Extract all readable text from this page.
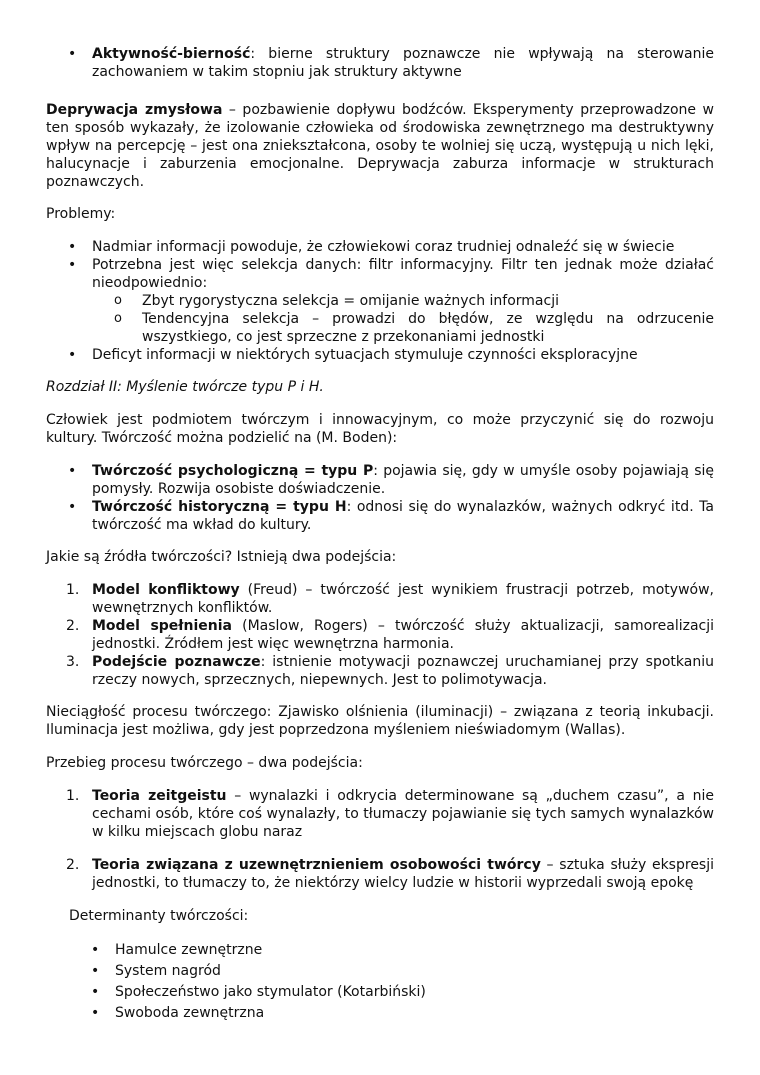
• Aktywność-bierność: bierne struktury poznawcze nie wpływają na sterowanie zachowaniem w takim stopniu jak struktury aktywne

Deprywacja zmysłowa – pozbawienie dopływu bodźców. Eksperymenty przeprowadzone w ten sposób wykazały, że izolowanie człowieka od środowiska zewnętrznego ma destruktywny wpływ na percepcję – jest ona zniekształcona, osoby te wolniej się uczą, występują u nich lęki, halucynacje i zaburzenia emocjonalne. Deprywacja zaburza informacje w strukturach poznawczych.

Problemy:

• Nadmiar informacji powoduje, że człowiekowi coraz trudniej odnaleźć się w świecie
• Potrzebna jest więc selekcja danych: filtr informacyjny. Filtr ten jednak może działać nieodpowiednio:
o Zbyt rygorystyczna selekcja = omijanie ważnych informacji
o Tendencyjna selekcja – prowadzi do błędów, ze względu na odrzucenie wszystkiego, co jest sprzeczne z przekonaniami jednostki
• Deficyt informacji w niektórych sytuacjach stymuluje czynności eksploracyjne

Rozdział II: Myślenie twórcze typu P i H.

Człowiek jest podmiotem twórczym i innowacyjnym, co może przyczynić się do rozwoju kultury. Twórczość można podzielić na (M. Boden):

• Twórczość psychologiczną = typu P: pojawia się, gdy w umyśle osoby pojawiają się pomysły. Rozwija osobiste doświadczenie.
• Twórczość historyczną = typu H: odnosi się do wynalazków, ważnych odkryć itd. Ta twórczość ma wkład do kultury.

Jakie są źródła twórczości? Istnieją dwa podejścia:

1. Model konfliktowy (Freud) – twórczość jest wynikiem frustracji potrzeb, motywów, wewnętrznych konfliktów.
2. Model spełnienia (Maslow, Rogers) – twórczość służy aktualizacji, samorealizacji jednostki. Źródłem jest więc wewnętrzna harmonia.
3. Podejście poznawcze: istnienie motywacji poznawczej uruchamianej przy spotkaniu rzeczy nowych, sprzecznych, niepewnych. Jest to polimotywacja.

Nieciągłość procesu twórczego: Zjawisko olśnienia (iluminacji) – związana z teorią inkubacji. Iluminacja jest możliwa, gdy jest poprzedzona myśleniem nieświadomym (Wallas).

Przebieg procesu twórczego – dwa podejścia:

1. Teoria zeitgeistu – wynalazki i odkrycia determinowane są „duchem czasu”, a nie cechami osób, które coś wynalazły, to tłumaczy pojawianie się tych samych wynalazków w kilku miejscach globu naraz
2. Teoria związana z uzewnętrznieniem osobowości twórcy – sztuka służy ekspresji jednostki, to tłumaczy to, że niektórzy wielcy ludzie w historii wyprzedali swoją epokę

Determinanty twórczości:

• Hamulce zewnętrzne
• System nagród
• Społeczeństwo jako stymulator (Kotarbiński)
• Swoboda zewnętrzna
